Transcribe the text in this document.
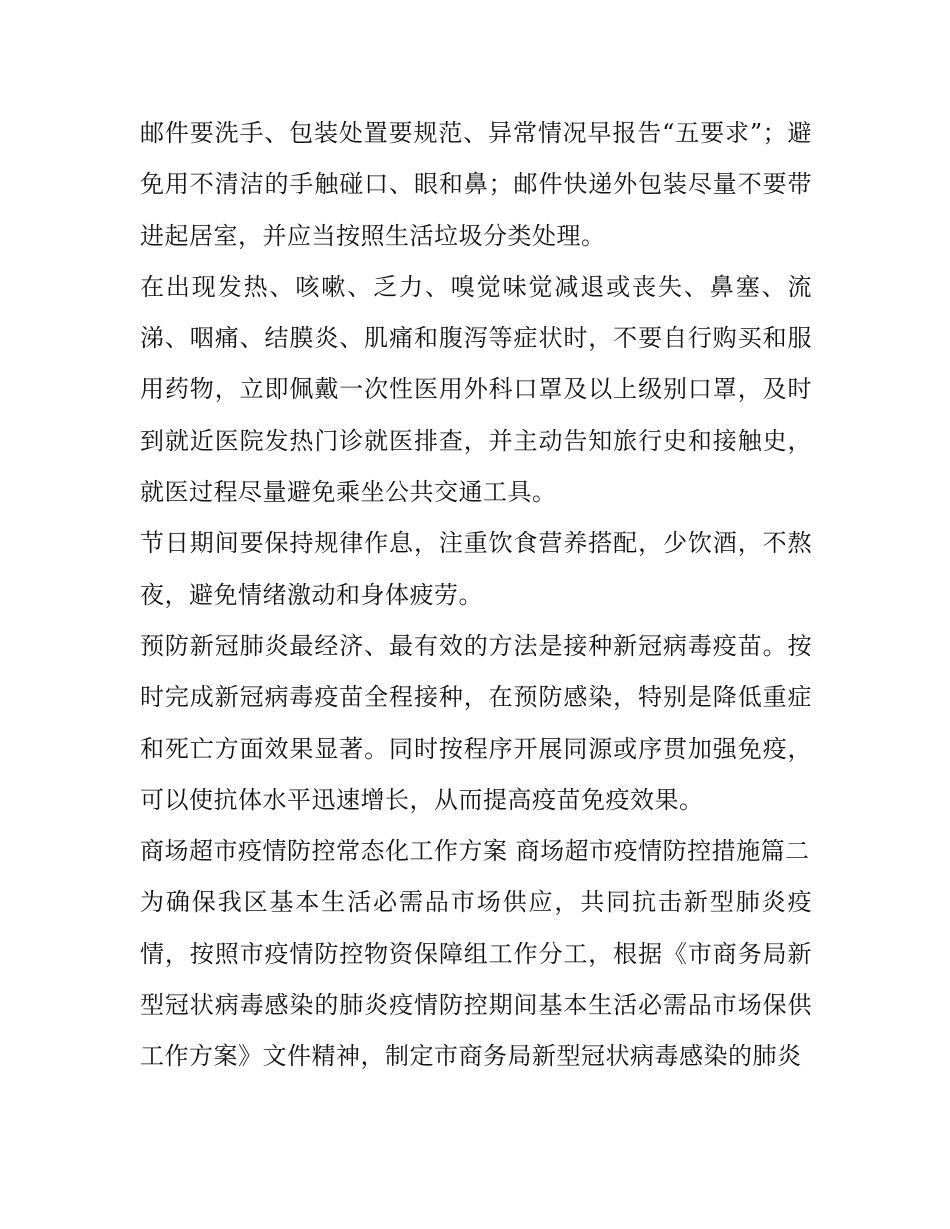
邮件要洗手、包装处置要规范、异常情况早报告“五要求”；避免用不清洁的手触碰口、眼和鼻；邮件快递外包装尽量不要带进起居室，并应当按照生活垃圾分类处理。

在出现发热、咳嗽、乏力、嗅觉味觉减退或丧失、鼻塞、流涕、咽痛、结膜炎、肌痛和腹泻等症状时，不要自行购买和服用药物，立即佩戴一次性医用外科口罩及以上级别口罩，及时到就近医院发热门诊就医排查，并主动告知旅行史和接触史，就医过程尽量避免乘坐公共交通工具。

节日期间要保持规律作息，注重饮食营养搭配，少饮酒，不熬夜，避免情绪激动和身体疲劳。

预防新冠肺炎最经济、最有效的方法是接种新冠病毒疫苗。按时完成新冠病毒疫苗全程接种，在预防感染，特别是降低重症和死亡方面效果显著。同时按程序开展同源或序贯加强免疫，可以使抗体水平迅速增长，从而提高疫苗免疫效果。

商场超市疫情防控常态化工作方案 商场超市疫情防控措施篇二

为确保我区基本生活必需品市场供应，共同抗击新型肺炎疫情，按照市疫情防控物资保障组工作分工，根据《市商务局新型冠状病毒感染的肺炎疫情防控期间基本生活必需品市场保供工作方案》文件精神，制定市商务局新型冠状病毒感染的肺炎
